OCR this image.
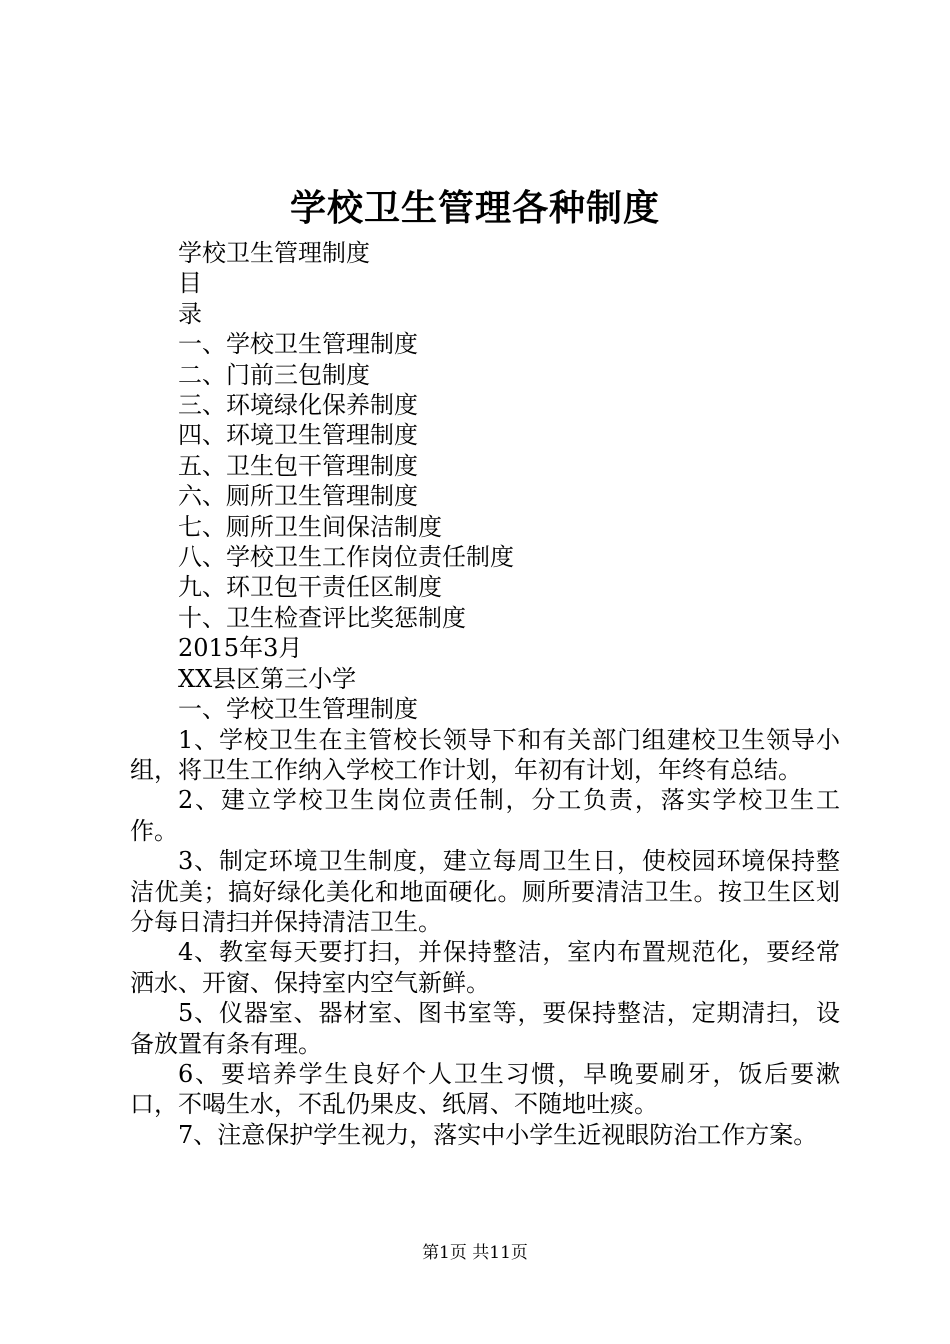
学校卫生管理各种制度
学校卫生管理制度
目
录
一、学校卫生管理制度
二、门前三包制度
三、环境绿化保养制度
四、环境卫生管理制度
五、卫生包干管理制度
六、厕所卫生管理制度
七、厕所卫生间保洁制度
八、学校卫生工作岗位责任制度
九、环卫包干责任区制度
十、卫生检查评比奖惩制度
2015年3月
XX县区第三小学
一、学校卫生管理制度

1、学校卫生在主管校长领导下和有关部门组建校卫生领导小组，将卫生工作纳入学校工作计划，年初有计划，年终有总结。

2、建立学校卫生岗位责任制，分工负责，落实学校卫生工作。

3、制定环境卫生制度，建立每周卫生日，使校园环境保持整洁优美；搞好绿化美化和地面硬化。厕所要清洁卫生。按卫生区划分每日清扫并保持清洁卫生。

4、教室每天要打扫，并保持整洁，室内布置规范化，要经常洒水、开窗、保持室内空气新鲜。

5、仪器室、器材室、图书室等，要保持整洁，定期清扫，设备放置有条有理。

6、要培养学生良好个人卫生习惯，早晚要刷牙，饭后要漱口，不喝生水，不乱仍果皮、纸屑、不随地吐痰。

7、注意保护学生视力，落实中小学生近视眼防治工作方案。

第1页 共11页
